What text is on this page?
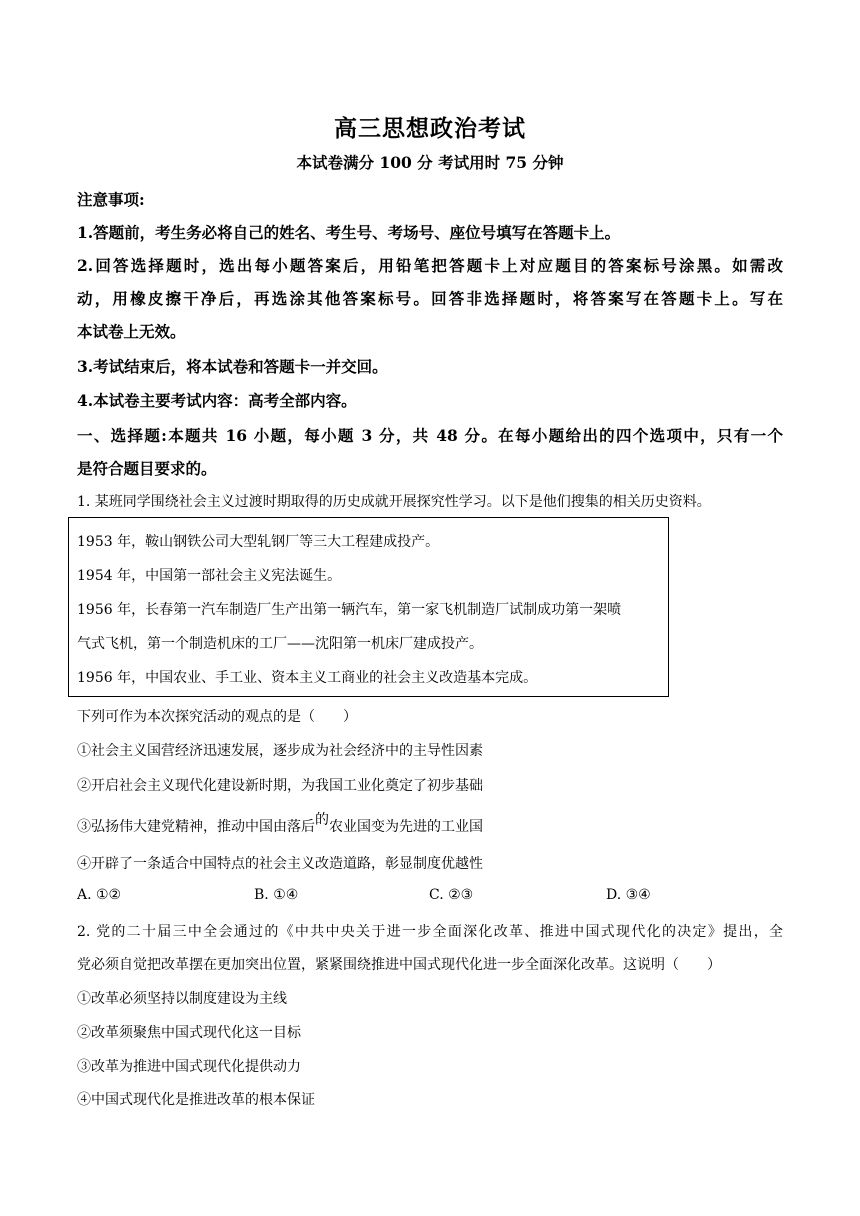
高三思想政治考试
本试卷满分 100 分 考试用时 75 分钟
注意事项:
1.答题前，考生务必将自己的姓名、考生号、考场号、座位号填写在答题卡上。
2.回答选择题时，选出每小题答案后，用铅笔把答题卡上对应题目的答案标号涂黑。如需改
动，用橡皮擦干净后，再选涂其他答案标号。回答非选择题时，将答案写在答题卡上。写在
本试卷上无效。
3.考试结束后，将本试卷和答题卡一并交回。
4.本试卷主要考试内容：高考全部内容。
一、选择题:本题共 16 小题，每小题 3 分，共 48 分。在每小题给出的四个选项中，只有一个
是符合题目要求的。
1. 某班同学围绕社会主义过渡时期取得的历史成就开展探究性学习。以下是他们搜集的相关历史资料。
1953 年，鞍山钢铁公司大型轧钢厂等三大工程建成投产。
1954 年，中国第一部社会主义宪法诞生。
1956 年，长春第一汽车制造厂生产出第一辆汽车，第一家飞机制造厂试制成功第一架喷
气式飞机，第一个制造机床的工厂——沈阳第一机床厂建成投产。
1956 年，中国农业、手工业、资本主义工商业的社会主义改造基本完成。
下列可作为本次探究活动的观点的是（　　）
①社会主义国营经济迅速发展，逐步成为社会经济中的主导性因素
②开启社会主义现代化建设新时期，为我国工业化奠定了初步基础
③弘扬伟大建党精神，推动中国由落后的农业国变为先进的工业国
④开辟了一条适合中国特点的社会主义改造道路，彰显制度优越性
A. ①②	B. ①④	C. ②③	D. ③④
2. 党的二十届三中全会通过的《中共中央关于进一步全面深化改革、推进中国式现代化的决定》提出，全
党必须自觉把改革摆在更加突出位置，紧紧围绕推进中国式现代化进一步全面深化改革。这说明（　　）
①改革必须坚持以制度建设为主线
②改革须聚焦中国式现代化这一目标
③改革为推进中国式现代化提供动力
④中国式现代化是推进改革的根本保证
